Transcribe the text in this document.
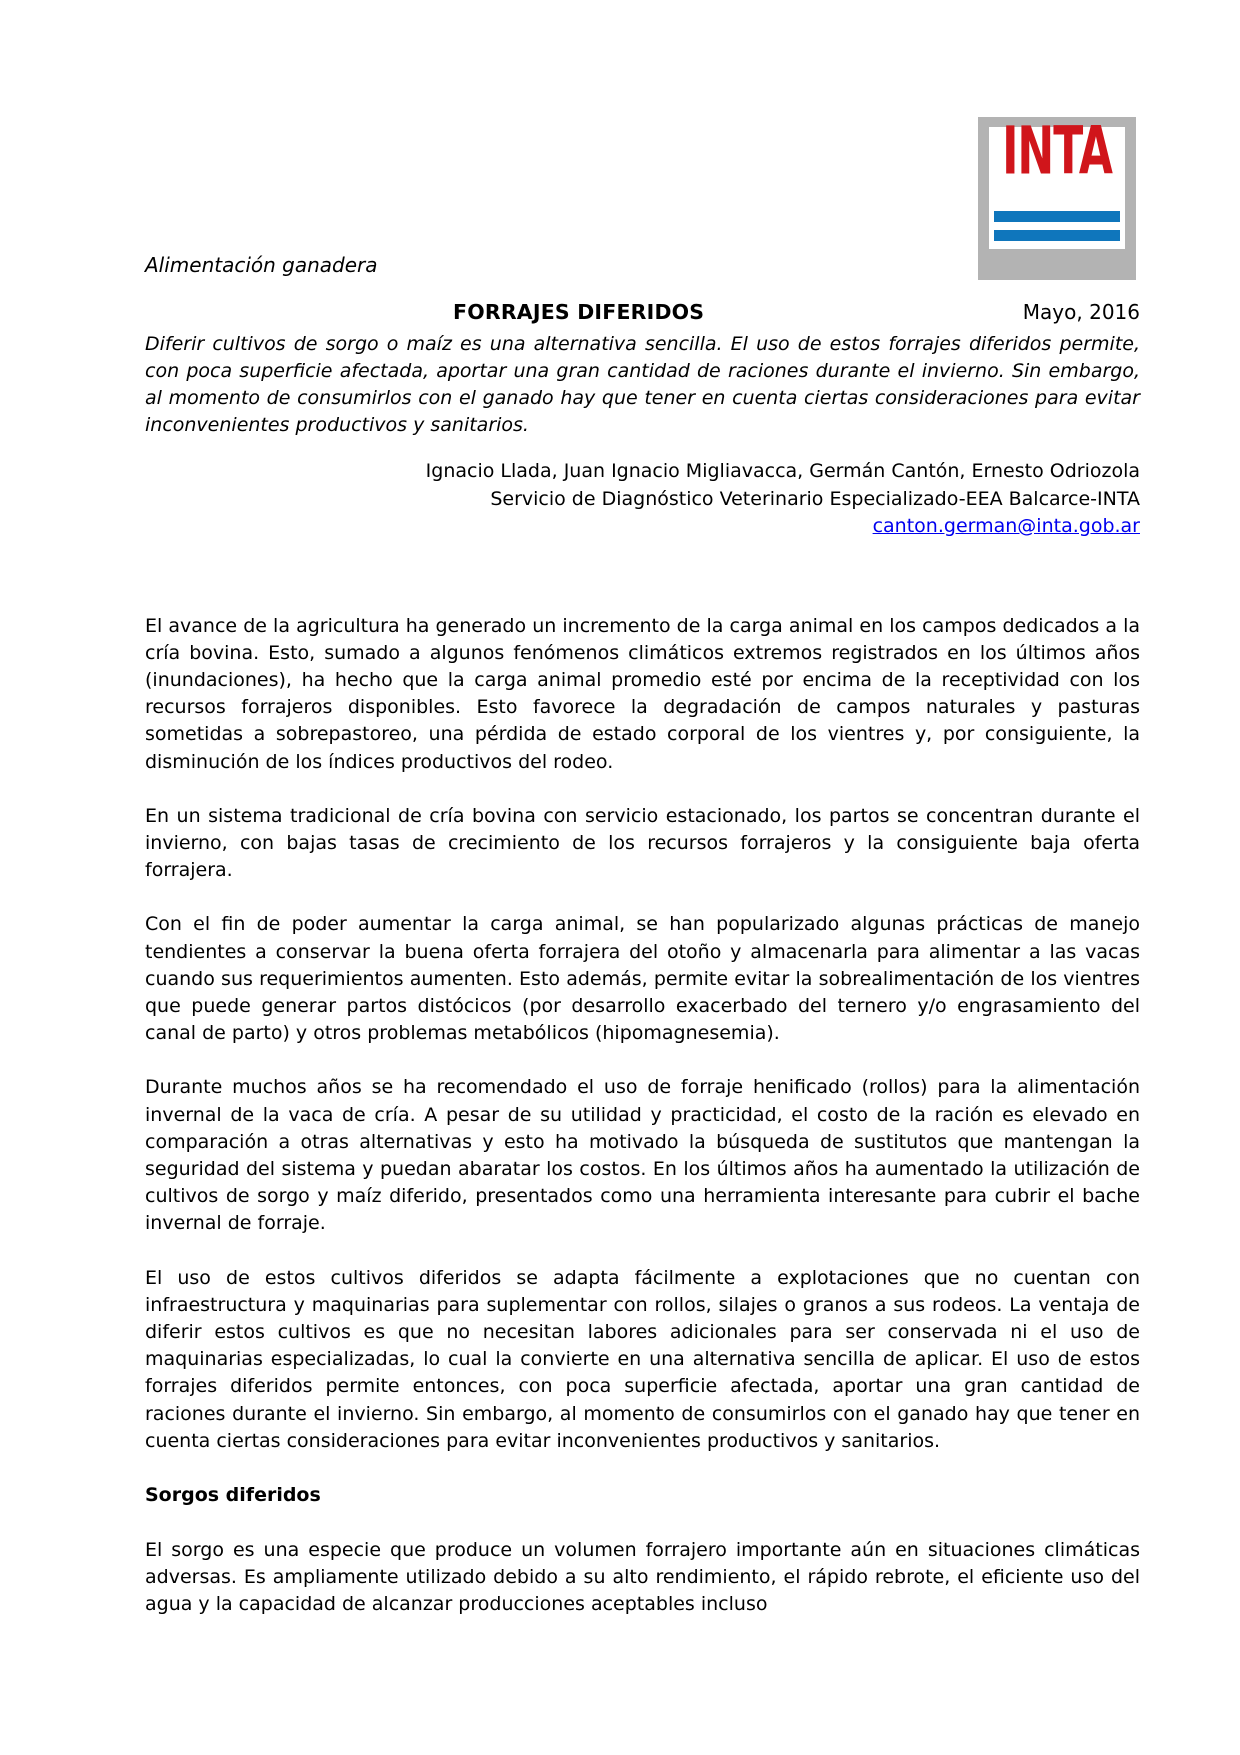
INTA
Alimentación ganadera
FORRAJES DIFERIDOS	Mayo, 2016

Diferir cultivos de sorgo o maíz es una alternativa sencilla. El uso de estos forrajes diferidos permite, con poca superficie afectada, aportar una gran cantidad de raciones durante el invierno. Sin embargo, al momento de consumirlos con el ganado hay que tener en cuenta ciertas consideraciones para evitar inconvenientes productivos y sanitarios.

Ignacio Llada, Juan Ignacio Migliavacca, Germán Cantón, Ernesto Odriozola
Servicio de Diagnóstico Veterinario Especializado-EEA Balcarce-INTA
canton.german@inta.gob.ar

El avance de la agricultura ha generado un incremento de la carga animal en los campos dedicados a la cría bovina. Esto, sumado a algunos fenómenos climáticos extremos registrados en los últimos años (inundaciones), ha hecho que la carga animal promedio esté por encima de la receptividad con los recursos forrajeros disponibles. Esto favorece la degradación de campos naturales y pasturas sometidas a sobrepastoreo, una pérdida de estado corporal de los vientres y, por consiguiente, la disminución de los índices productivos del rodeo.

En un sistema tradicional de cría bovina con servicio estacionado, los partos se concentran durante el invierno, con bajas tasas de crecimiento de los recursos forrajeros y la consiguiente baja oferta forrajera.

Con el fin de poder aumentar la carga animal, se han popularizado algunas prácticas de manejo tendientes a conservar la buena oferta forrajera del otoño y almacenarla para alimentar a las vacas cuando sus requerimientos aumenten. Esto además, permite evitar la sobrealimentación de los vientres que puede generar partos distócicos (por desarrollo exacerbado del ternero y/o engrasamiento del canal de parto) y otros problemas metabólicos (hipomagnesemia).

Durante muchos años se ha recomendado el uso de forraje henificado (rollos) para la alimentación invernal de la vaca de cría. A pesar de su utilidad y practicidad, el costo de la ración es elevado en comparación a otras alternativas y esto ha motivado la búsqueda de sustitutos que mantengan la seguridad del sistema y puedan abaratar los costos. En los últimos años ha aumentado la utilización de cultivos de sorgo y maíz diferido, presentados como una herramienta interesante para cubrir el bache invernal de forraje.

El uso de estos cultivos diferidos se adapta fácilmente a explotaciones que no cuentan con infraestructura y maquinarias para suplementar con rollos, silajes o granos a sus rodeos. La ventaja de diferir estos cultivos es que no necesitan labores adicionales para ser conservada ni el uso de maquinarias especializadas, lo cual la convierte en una alternativa sencilla de aplicar. El uso de estos forrajes diferidos permite entonces, con poca superficie afectada, aportar una gran cantidad de raciones durante el invierno. Sin embargo, al momento de consumirlos con el ganado hay que tener en cuenta ciertas consideraciones para evitar inconvenientes productivos y sanitarios.

Sorgos diferidos

El sorgo es una especie que produce un volumen forrajero importante aún en situaciones climáticas adversas. Es ampliamente utilizado debido a su alto rendimiento, el rápido rebrote, el eficiente uso del agua y la capacidad de alcanzar producciones aceptables incluso
